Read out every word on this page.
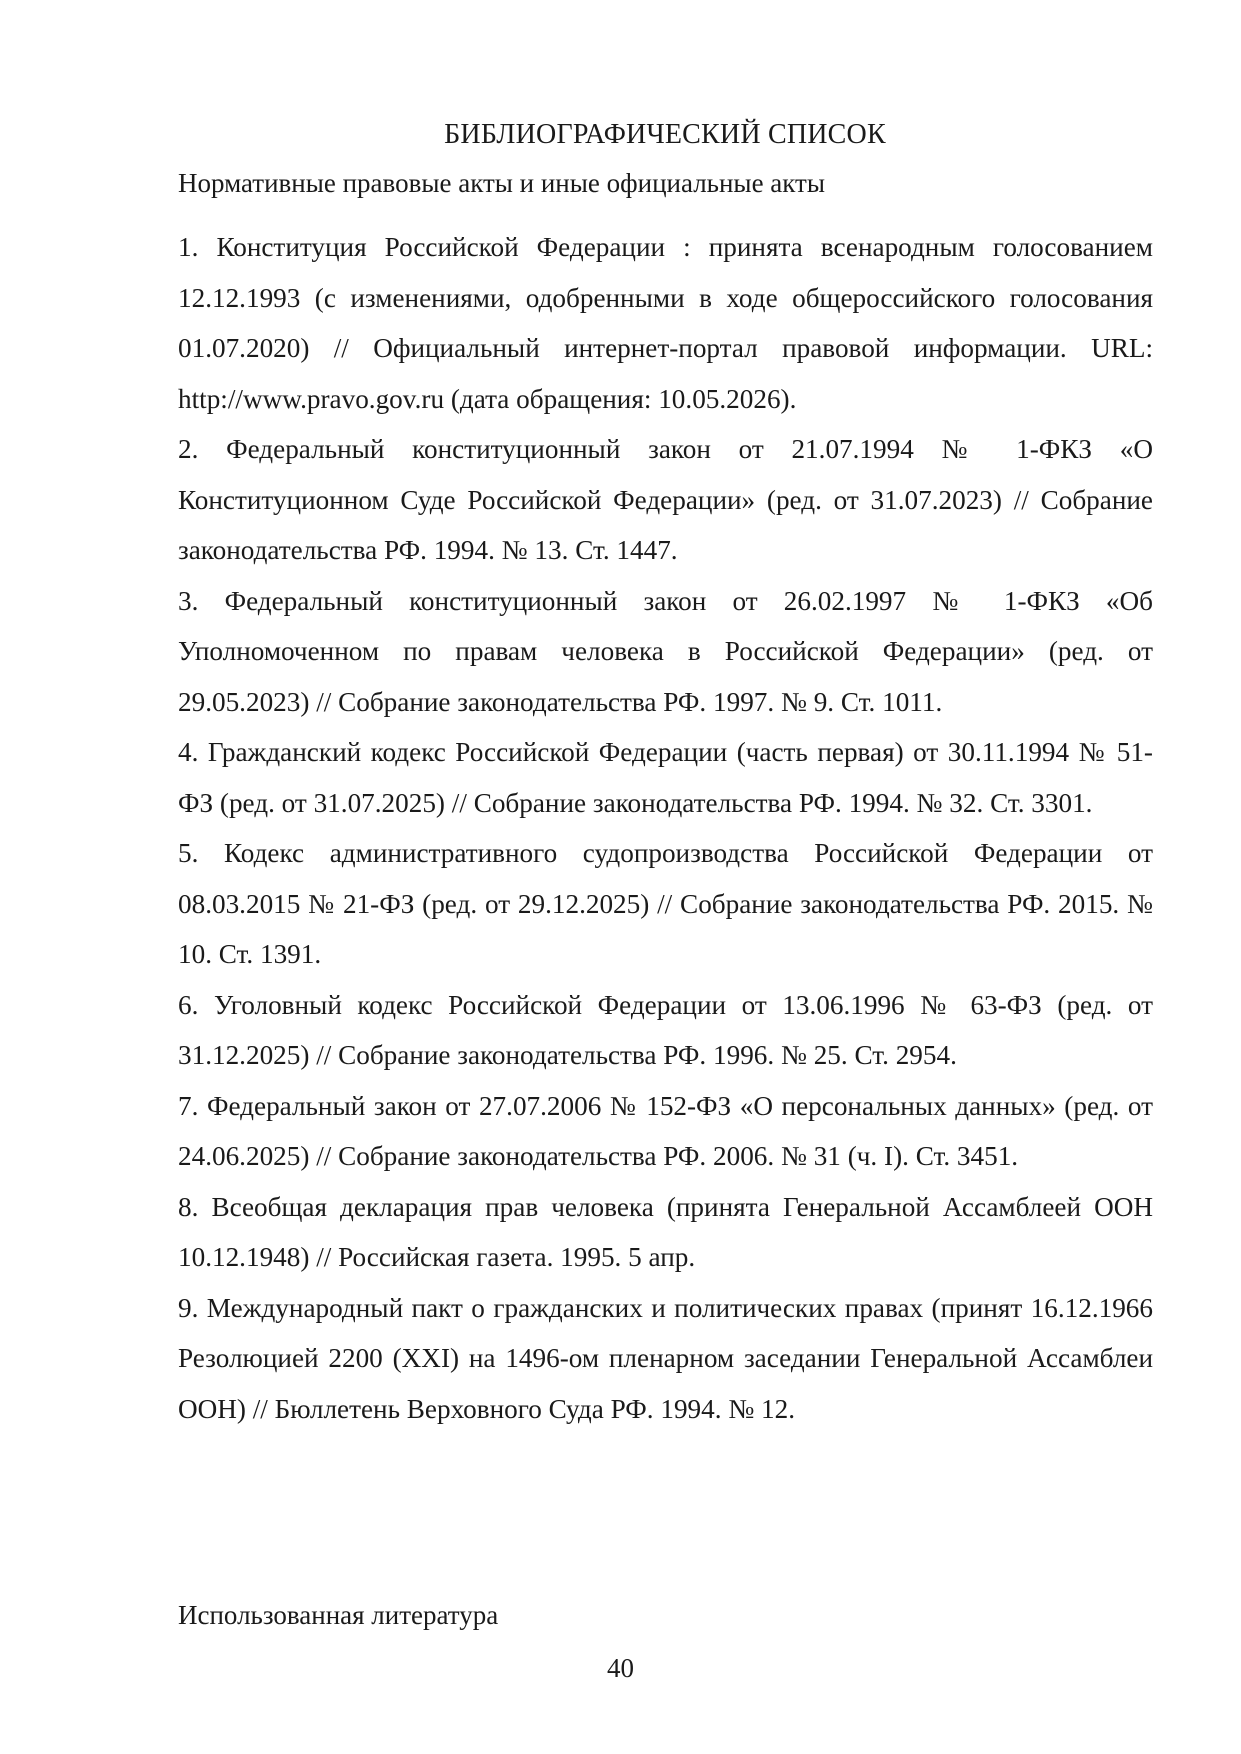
БИБЛИОГРАФИЧЕСКИЙ СПИСОК
Нормативные правовые акты и иные официальные акты
1. Конституция Российской Федерации : принята всенародным голосованием 12.12.1993 (с изменениями, одобренными в ходе общероссийского голосования 01.07.2020) // Официальный интернет-портал правовой информации. URL: http://www.pravo.gov.ru (дата обращения: 10.05.2026).
2. Федеральный конституционный закон от 21.07.1994 № 1-ФКЗ «О Конституционном Суде Российской Федерации» (ред. от 31.07.2023) // Собрание законодательства РФ. 1994. № 13. Ст. 1447.
3. Федеральный конституционный закон от 26.02.1997 № 1-ФКЗ «Об Уполномоченном по правам человека в Российской Федерации» (ред. от 29.05.2023) // Собрание законодательства РФ. 1997. № 9. Ст. 1011.
4. Гражданский кодекс Российской Федерации (часть первая) от 30.11.1994 № 51-ФЗ (ред. от 31.07.2025) // Собрание законодательства РФ. 1994. № 32. Ст. 3301.
5. Кодекс административного судопроизводства Российской Федерации от 08.03.2015 № 21-ФЗ (ред. от 29.12.2025) // Собрание законодательства РФ. 2015. № 10. Ст. 1391.
6. Уголовный кодекс Российской Федерации от 13.06.1996 № 63-ФЗ (ред. от 31.12.2025) // Собрание законодательства РФ. 1996. № 25. Ст. 2954.
7. Федеральный закон от 27.07.2006 № 152-ФЗ «О персональных данных» (ред. от 24.06.2025) // Собрание законодательства РФ. 2006. № 31 (ч. I). Ст. 3451.
8. Всеобщая декларация прав человека (принята Генеральной Ассамблеей ООН 10.12.1948) // Российская газета. 1995. 5 апр.
9. Международный пакт о гражданских и политических правах (принят 16.12.1966 Резолюцией 2200 (XXI) на 1496-ом пленарном заседании Генеральной Ассамблеи ООН) // Бюллетень Верховного Суда РФ. 1994. № 12.
Использованная литература
40
